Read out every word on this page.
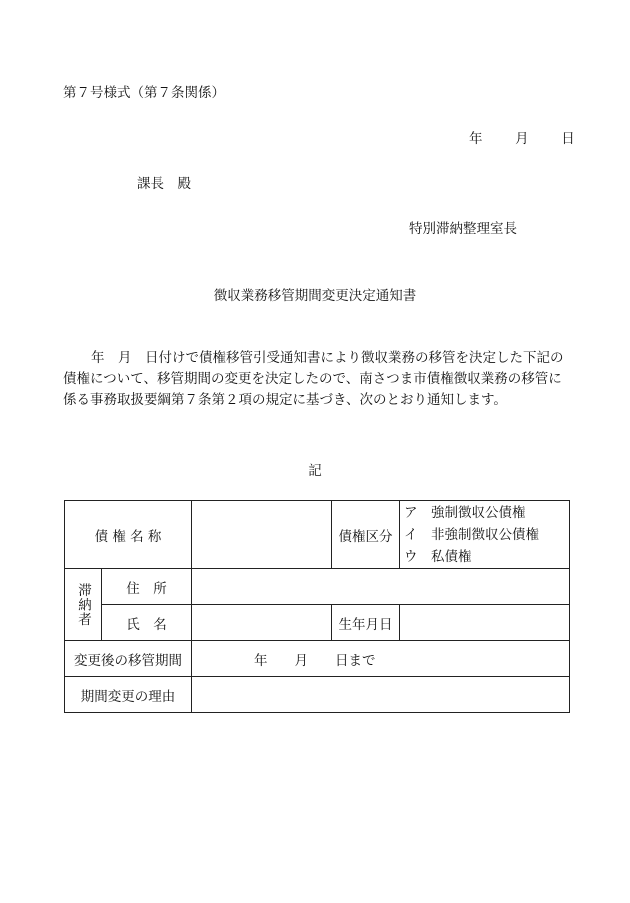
第７号様式（第７条関係）
年 月 日
課長　殿
特別滞納整理室長
徴収業務移管期間変更決定通知書
年　月　日付けで債権移管引受通知書により徴収業務の移管を決定した下記の債権について、移管期間の変更を決定したので、南さつま市債権徴収業務の移管に係る事務取扱要綱第７条第２項の規定に基づき、次のとおり通知します。
記
債 権 名 称			債権区分	ア　強制徴収公債権
イ　非強制徴収公債権
ウ　私債権

滞納者	住　所			
	氏　名		生年月日	
変更後の移管期間		年　　月　　日まで		
期間変更の理由				
